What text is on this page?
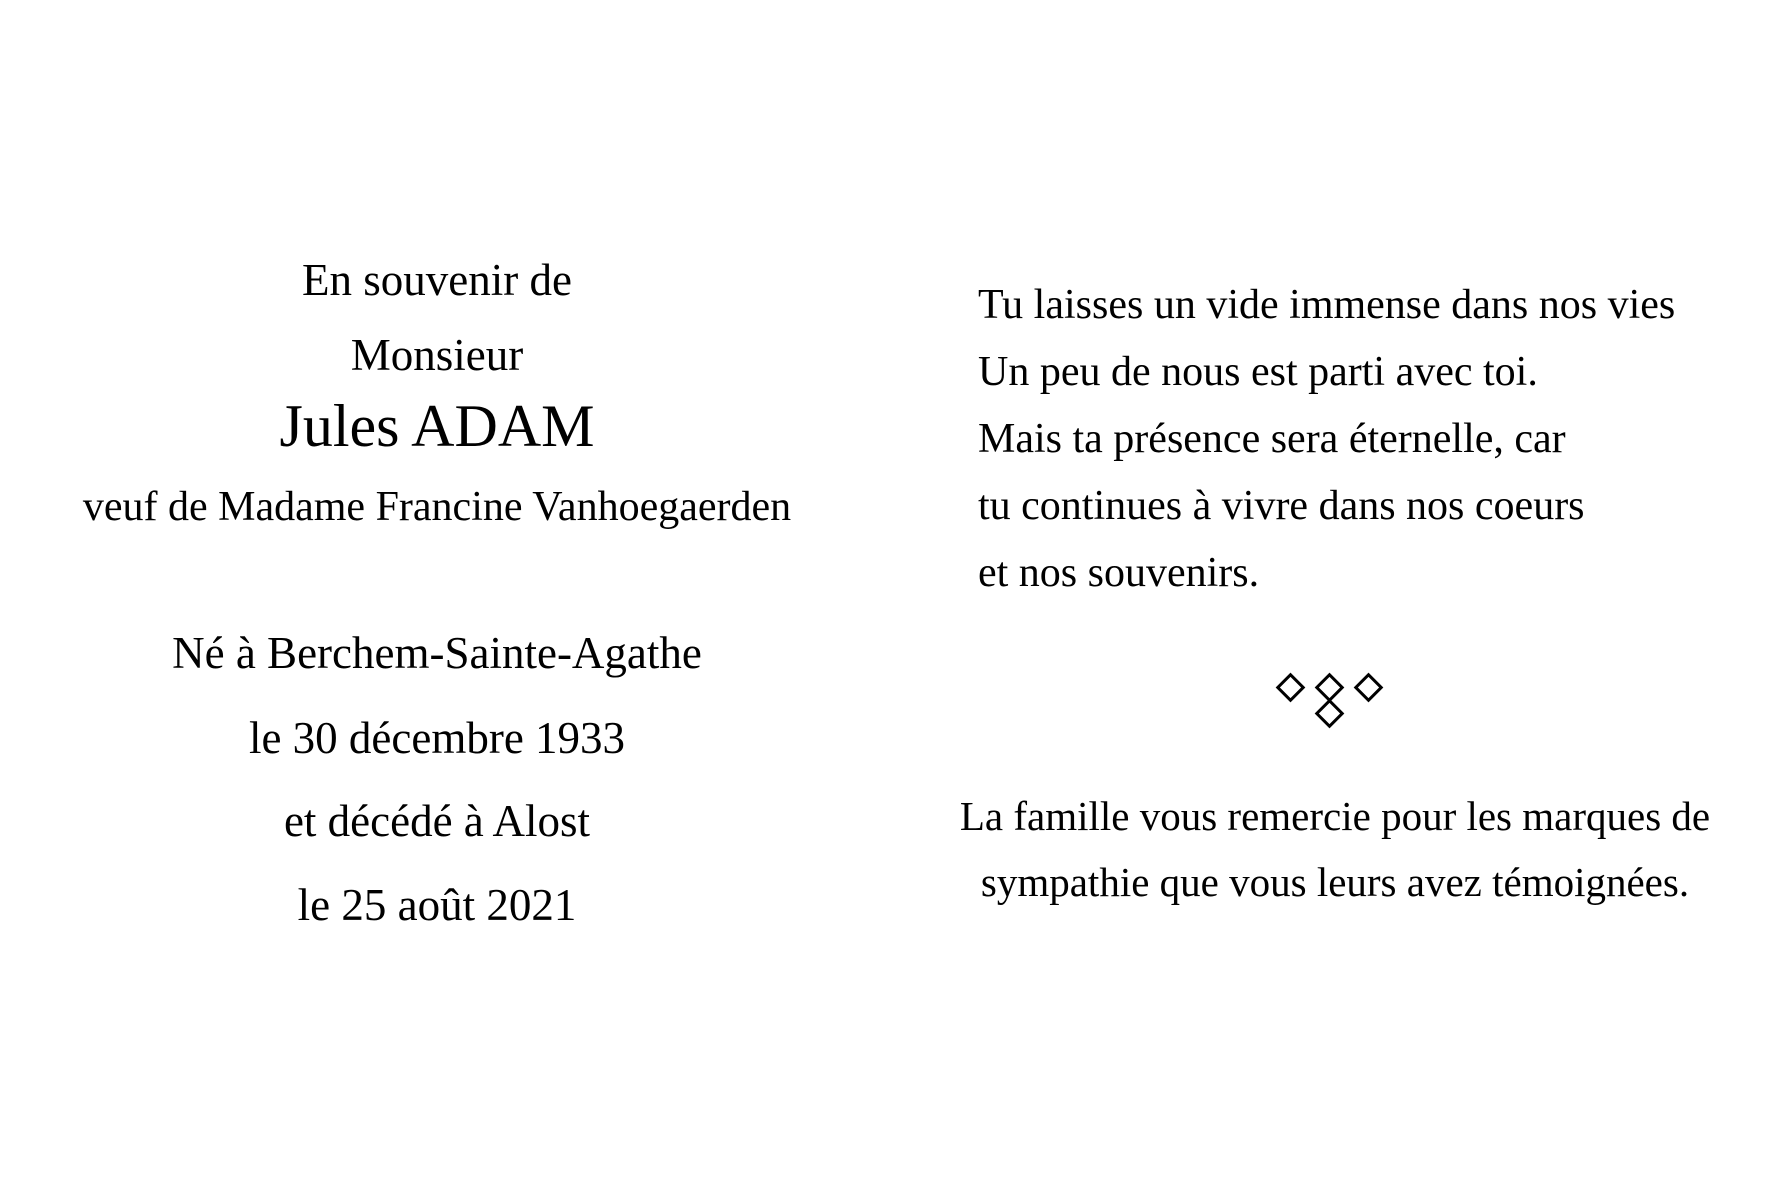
En souvenir de
Monsieur
Jules ADAM
veuf de Madame Francine Vanhoegaerden
Né à Berchem-Sainte-Agathe
le 30 décembre 1933
et décédé à Alost
le 25 août 2021
Tu laisses un vide immense dans nos vies
Un peu de nous est parti avec toi.
Mais ta présence sera éternelle, car
tu continues à vivre dans nos coeurs
et nos souvenirs.
La famille vous remercie pour les marques de
sympathie que vous leurs avez témoignées.
